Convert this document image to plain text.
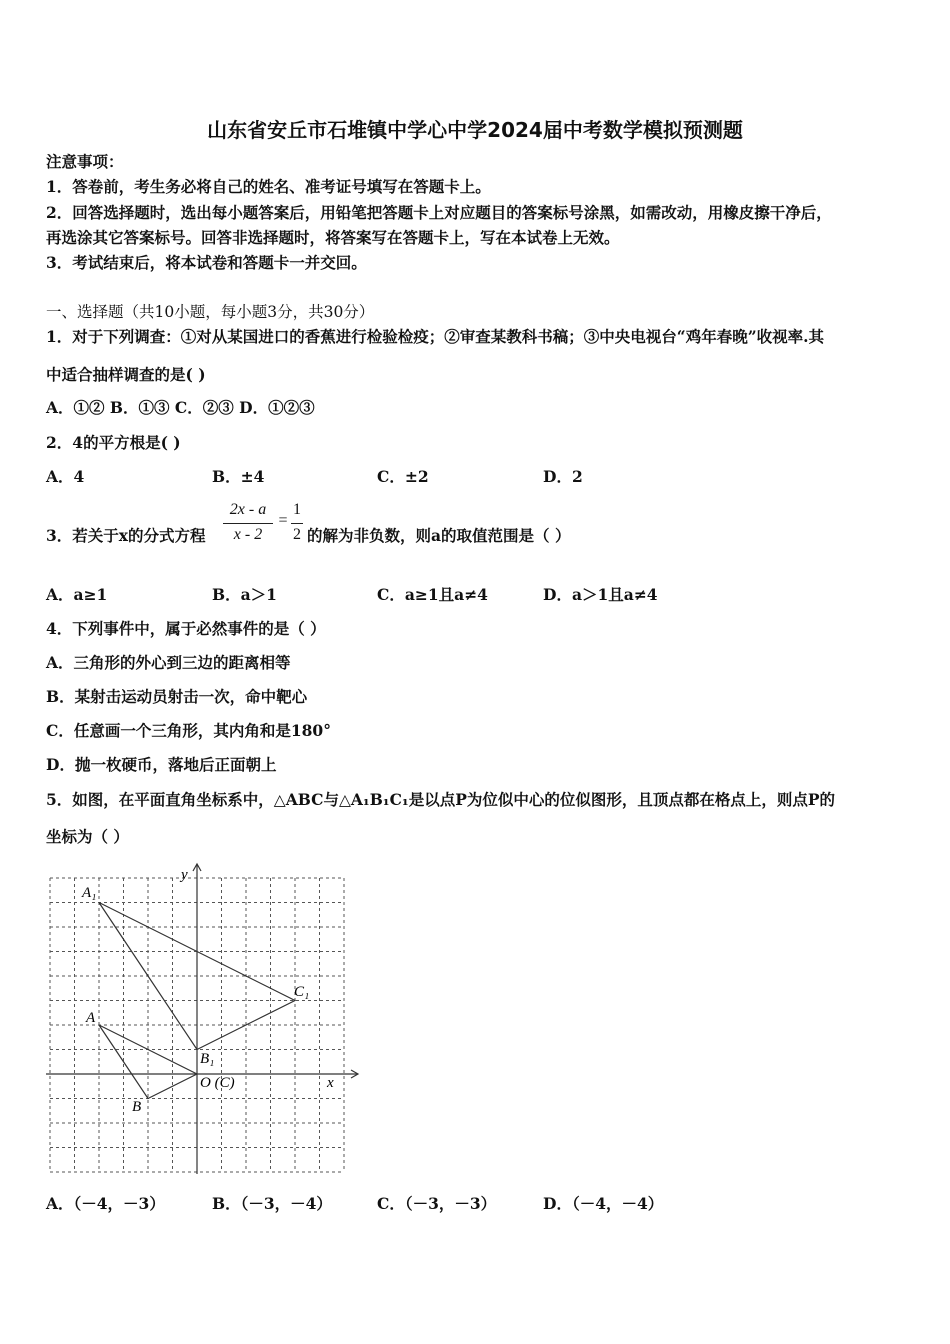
山东省安丘市石堆镇中学心中学2024届中考数学模拟预测题
注意事项：
1．答卷前，考生务必将自己的姓名、准考证号填写在答题卡上。
2．回答选择题时，选出每小题答案后，用铅笔把答题卡上对应题目的答案标号涂黑，如需改动，用橡皮擦干净后，
再选涂其它答案标号。回答非选择题时，将答案写在答题卡上，写在本试卷上无效。
3．考试结束后，将本试卷和答题卡一并交回。
一、选择题（共10小题，每小题3分，共30分）
1．对于下列调查：①对从某国进口的香蕉进行检验检疫；②审查某教科书稿；③中央电视台“鸡年春晚”收视率.其
中适合抽样调查的是( )
A．①② B．①③ C．②③ D．①②③
2．4的平方根是( )
A．4	B．±4	C．±2	D．2
3．若关于x的分式方程
2x - a
x - 2
=
1
2 的解为非负数，则a的取值范围是（ ）
A．a≥1	B．a＞1	C．a≥1且a≠4	D．a＞1且a≠4
4．下列事件中，属于必然事件的是（ ）
A．三角形的外心到三边的距离相等
B．某射击运动员射击一次，命中靶心
C．任意画一个三角形，其内角和是180°
D．抛一枚硬币，落地后正面朝上
5．如图，在平面直角坐标系中，△ABC与△A₁B₁C₁是以点P为位似中心的位似图形，且顶点都在格点上，则点P的
坐标为（ ）
y
x
A₁
C₁
A
B₁
O (C)
B
A．（－4，－3）	B．（－3，－4）	C．（－3，－3）	D．（－4，－4）
